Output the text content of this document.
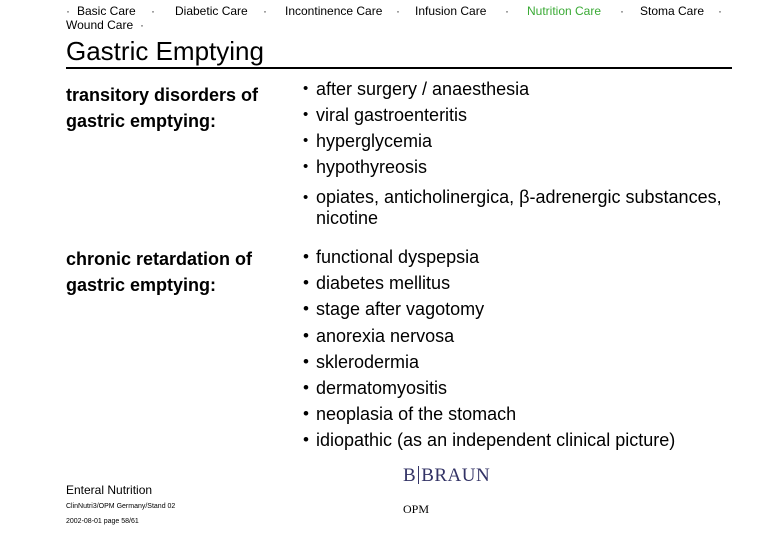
· Basic Care · Diabetic Care · Incontinence Care · Infusion Care · Nutrition Care · Stoma Care ·
Wound Care ·
Gastric Emptying
transitory disorders of
gastric emptying:
• after surgery / anaesthesia
• viral gastroenteritis
• hyperglycemia
• hypothyreosis
• opiates, anticholinergica, β-adrenergic substances, nicotine
chronic retardation of
gastric emptying:
• functional dyspepsia
• diabetes mellitus
• stage after vagotomy
• anorexia nervosa
• sklerodermia
• dermatomyositis
• neoplasia of the stomach
• idiopathic (as an independent clinical picture)
Enteral Nutrition
ClinNutri3/OPM Germany/Stand 02
2002-08-01 page 58/61
B BRAUN
OPM
